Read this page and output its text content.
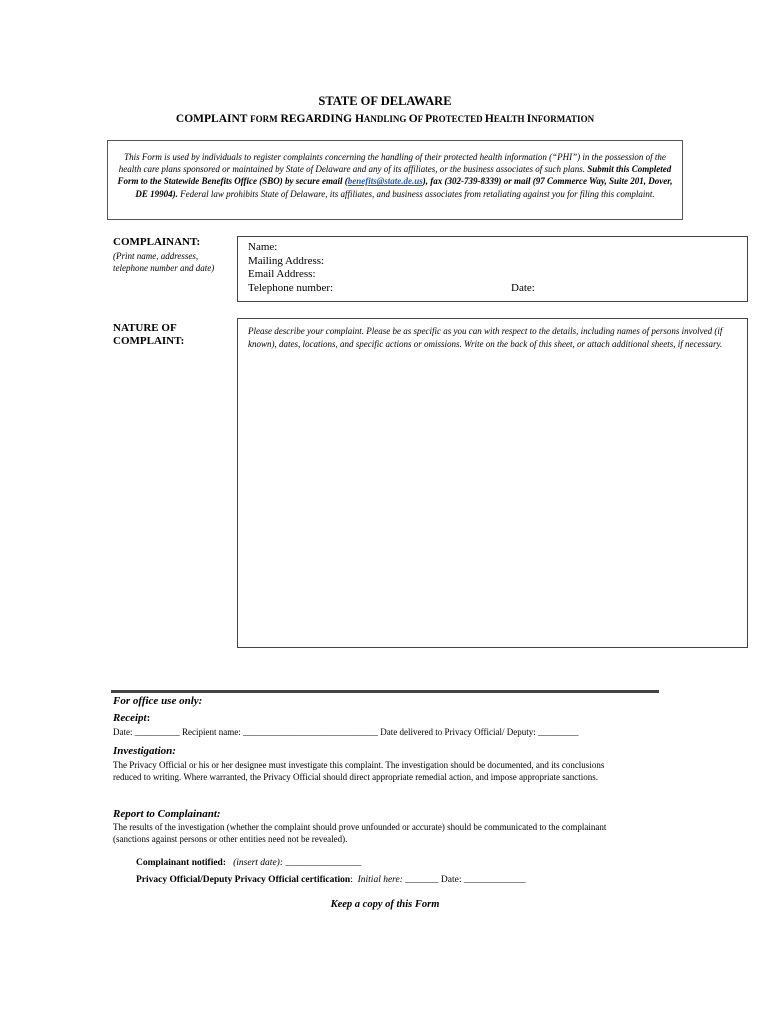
STATE OF DELAWARE
COMPLAINT FORM REGARDING HANDLING OF PROTECTED HEALTH INFORMATION
This Form is used by individuals to register complaints concerning the handling of their protected health information (“PHI”) in the possession of the health care plans sponsored or maintained by State of Delaware and any of its affiliates, or the business associates of such plans. Submit this Completed Form to the Statewide Benefits Office (SBO) by secure email (benefits@state.de.us), fax (302-739-8339) or mail (97 Commerce Way, Suite 201, Dover, DE 19904). Federal law prohibits State of Delaware, its affiliates, and business associates from retaliating against you for filing this complaint.
COMPLAINANT:
(Print name, addresses, telephone number and date)
Name:
Mailing Address:
Email Address:
Telephone number:	Date:
NATURE OF
COMPLAINT:
Please describe your complaint. Please be as specific as you can with respect to the details, including names of persons involved (if known), dates, locations, and specific actions or omissions. Write on the back of this sheet, or attach additional sheets, if necessary.
For office use only:
Receipt:
Date: __________ Recipient name: ______________________________ Date delivered to Privacy Official/ Deputy: _________
Investigation:
The Privacy Official or his or her designee must investigate this complaint. The investigation should be documented, and its conclusions reduced to writing. Where warranted, the Privacy Official should direct appropriate remedial action, and impose appropriate sanctions.
Report to Complainant:
The results of the investigation (whether the complaint should prove unfounded or accurate) should be communicated to the complainant (sanctions against persons or other entities need not be revealed).
Complainant notified: (insert date): ________________
Privacy Official/Deputy Privacy Official certification: Initial here: _______ Date: _____________
Keep a copy of this Form
